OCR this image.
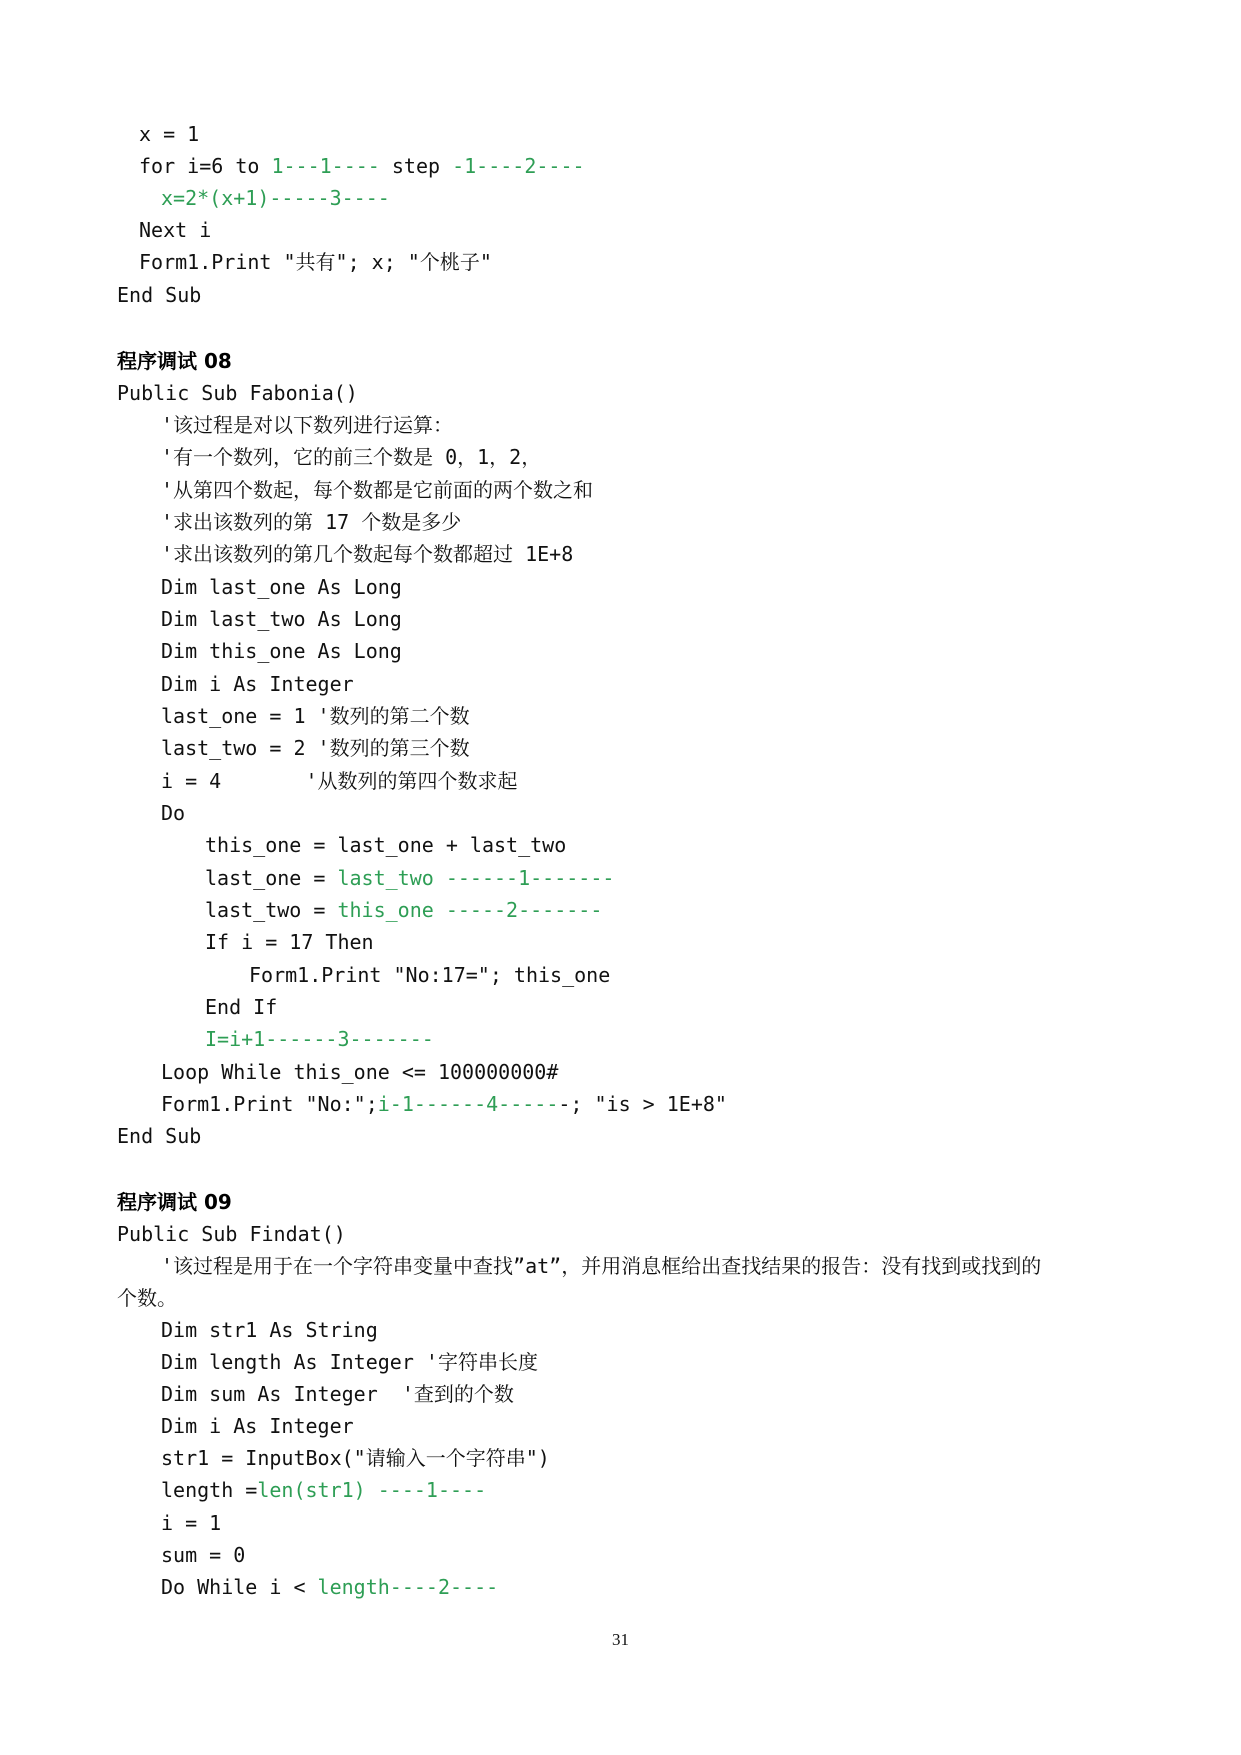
x = 1
for i=6 to 1---1---- step -1----2----
x=2*(x+1)-----3----
Next i
Form1.Print "共有"; x; "个桃子"
End Sub
程序调试 08
Public Sub Fabonia()
'该过程是对以下数列进行运算：
'有一个数列，它的前三个数是 0，1，2，
'从第四个数起，每个数都是它前面的两个数之和
'求出该数列的第 17 个数是多少
'求出该数列的第几个数起每个数都超过 1E+8
Dim last_one As Long
Dim last_two As Long
Dim this_one As Long
Dim i As Integer
last_one = 1 '数列的第二个数
last_two = 2 '数列的第三个数
i = 4       '从数列的第四个数求起
Do
this_one = last_one + last_two
last_one = last_two ------1-------
last_two = this_one -----2-------
If i = 17 Then
Form1.Print "No:17="; this_one
End If
I=i+1------3-------
Loop While this_one <= 100000000#
Form1.Print "No:";i-1------4------; "is > 1E+8"
End Sub
程序调试 09
Public Sub Findat()
'该过程是用于在一个字符串变量中查找”at”，并用消息框给出查找结果的报告：没有找到或找到的
个数。
Dim str1 As String
Dim length As Integer '字符串长度
Dim sum As Integer  '查到的个数
Dim i As Integer
str1 = InputBox("请输入一个字符串")
length =len(str1) ----1----
i = 1
sum = 0
Do While i < length----2----
31
